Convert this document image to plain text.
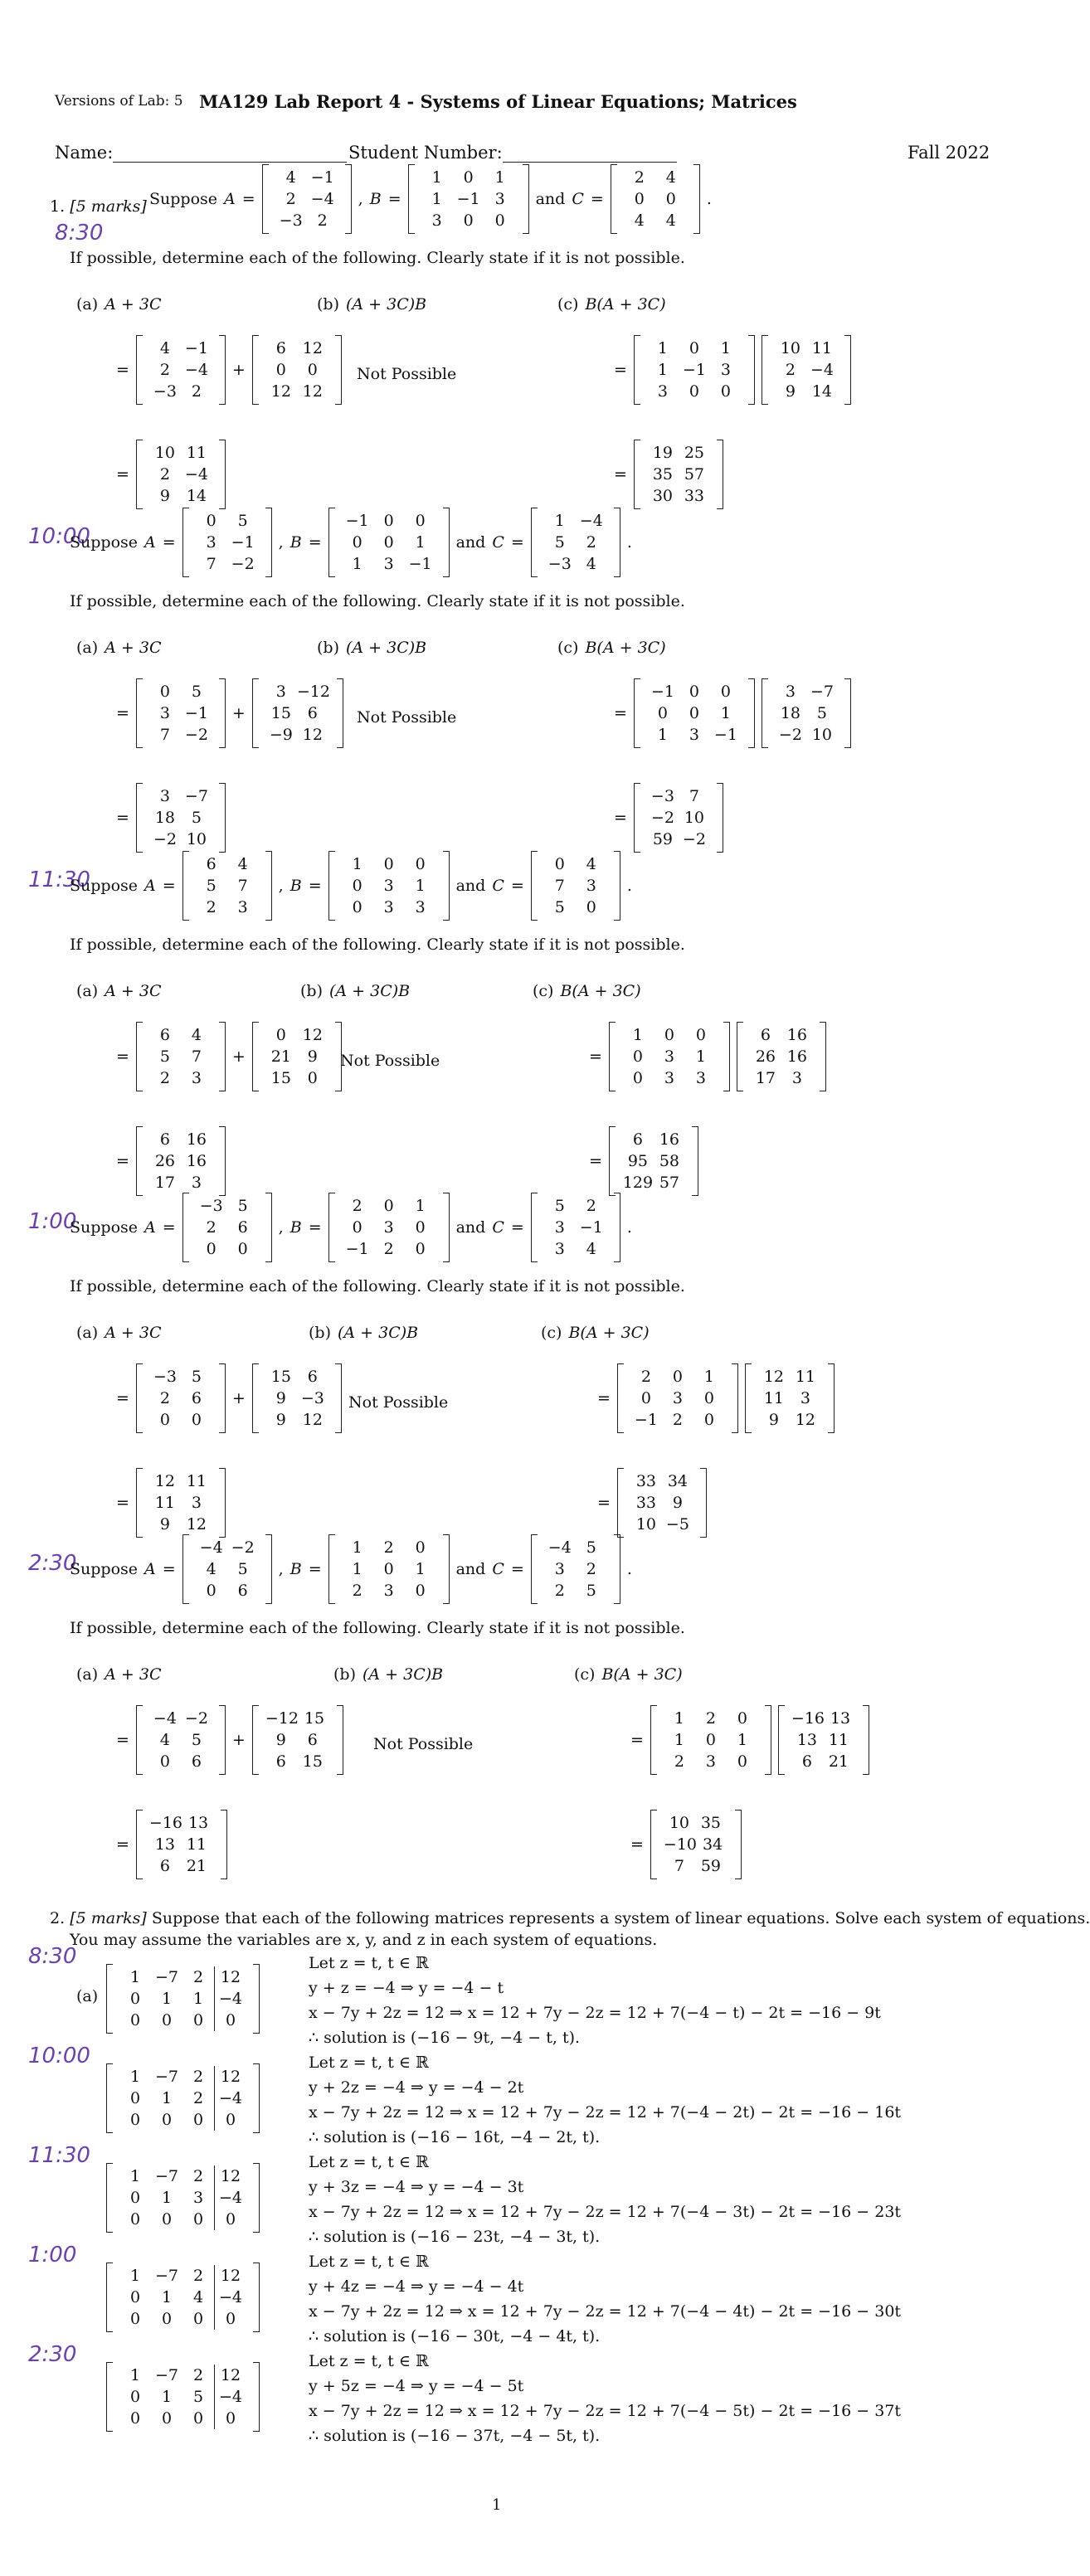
Versions of Lab: 5 MA129 Lab Report 4 - Systems of Linear Equations; Matrices
Name:	Student Number:	Fall 2022
1. [5 marks]
8:30
Suppose A =
4 −1
2 −4
−3 2
, B =
1	0	1
1 −1 3
3	0	0
and C =
2	4
0	0
4	4
.
If possible, determine each of the following. Clearly state if it is not possible.
(a) A + 3C	(b) (A + 3C)B	(c) B(A + 3C)
=
4 −1
2 −4
−3 2
+
6	12
0	0
12 12
Not Possible	=
1	0	1
1 −1 3
3	0	0
10 11
2 −4
9	14
=
10 11
2 −4
9	14
=
19 25
35 57
30 33
10:00
Suppose A =
0	5
3 −1
7 −2
, B =
−1 0	0
0	0	1
1	3 −1
and C =
1 −4
5	2
−3 4
.
If possible, determine each of the following. Clearly state if it is not possible.
(a) A + 3C	(b) (A + 3C)B	(c) B(A + 3C)
=
0	5
3 −1
7 −2
+
3 −12
15	6
−9 12
Not Possible	=
−1 0	0
0	0	1
1	3 −1
3 −7
18	5
−2 10
=
3 −7
18	5
−2 10
=
−3 7
−2 10
59 −2
11:30
Suppose A =
6	4
5	7
2	3
, B =
1	0	0
0	3	1
0	3	3
and C =
0	4
7	3
5	0
.
If possible, determine each of the following. Clearly state if it is not possible.
(a) A + 3C	(b) (A + 3C)B	(c) B(A + 3C)
=
6	4
5	7
2	3
+
0	12
21	9
15	0
Not Possible	=
1	0	0
0	3	1
0	3	3
6	16
26 16
17	3
=
6	16
26 16
17	3
=
6	16
95 58
129 57
1:00
Suppose A =
−3 5
2	6
0	0
, B =
2	0	1
0	3	0
−1 2	0
and C =
5	2
3 −1
3	4
.
If possible, determine each of the following. Clearly state if it is not possible.
(a) A + 3C	(b) (A + 3C)B	(c) B(A + 3C)
=
−3 5
2	6
0	0
+
15	6
9 −3
9	12
Not Possible	=
2	0	1
0	3	0
−1 2	0
12 11
11	3
9	12
=
12 11
11	3
9	12
=
33 34
33	9
10 −5
2:30
Suppose A =
−4 −2
4	5
0	6
, B =
1	2	0
1	0	1
2	3	0
and C =
−4 5
3	2
2	5
.
If possible, determine each of the following. Clearly state if it is not possible.
(a) A + 3C	(b) (A + 3C)B	(c) B(A + 3C)
=
−4 −2
4	5
0	6
+
−12 15
9	6
6	15
Not Possible	=
1	2	0
1	0	1
2	3	0
−16 13
13 11
6	21
=
−16 13
13 11
6	21
=
10 35
−10 34
7	59
2. [5 marks] Suppose that each of the following matrices represents a system of linear equations. Solve each system of equations.
You may assume the variables are x, y, and z in each system of equations.
8:30
(a)
1 −7 2	12
0	1	1 −4
0	0	0	0
Let z = t, t ∈ ℝ
y + z = −4 ⇒ y = −4 − t
x − 7y + 2z = 12 ⇒ x = 12 + 7y − 2z = 12 + 7(−4 − t) − 2t = −16 − 9t
∴ solution is (−16 − 9t, −4 − t, t).
10:00
1 −7 2	12
0	1	2 −4
0	0	0	0
Let z = t, t ∈ ℝ
y + 2z = −4 ⇒ y = −4 − 2t
x − 7y + 2z = 12 ⇒ x = 12 + 7y − 2z = 12 + 7(−4 − 2t) − 2t = −16 − 16t
∴ solution is (−16 − 16t, −4 − 2t, t).
11:30
1 −7 2	12
0	1	3 −4
0	0	0	0
Let z = t, t ∈ ℝ
y + 3z = −4 ⇒ y = −4 − 3t
x − 7y + 2z = 12 ⇒ x = 12 + 7y − 2z = 12 + 7(−4 − 3t) − 2t = −16 − 23t
∴ solution is (−16 − 23t, −4 − 3t, t).
1:00
1 −7 2	12
0	1	4 −4
0	0	0	0
Let z = t, t ∈ ℝ
y + 4z = −4 ⇒ y = −4 − 4t
x − 7y + 2z = 12 ⇒ x = 12 + 7y − 2z = 12 + 7(−4 − 4t) − 2t = −16 − 30t
∴ solution is (−16 − 30t, −4 − 4t, t).
2:30
1 −7 2	12
0	1	5 −4
0	0	0	0
Let z = t, t ∈ ℝ
y + 5z = −4 ⇒ y = −4 − 5t
x − 7y + 2z = 12 ⇒ x = 12 + 7y − 2z = 12 + 7(−4 − 5t) − 2t = −16 − 37t
∴ solution is (−16 − 37t, −4 − 5t, t).
1
